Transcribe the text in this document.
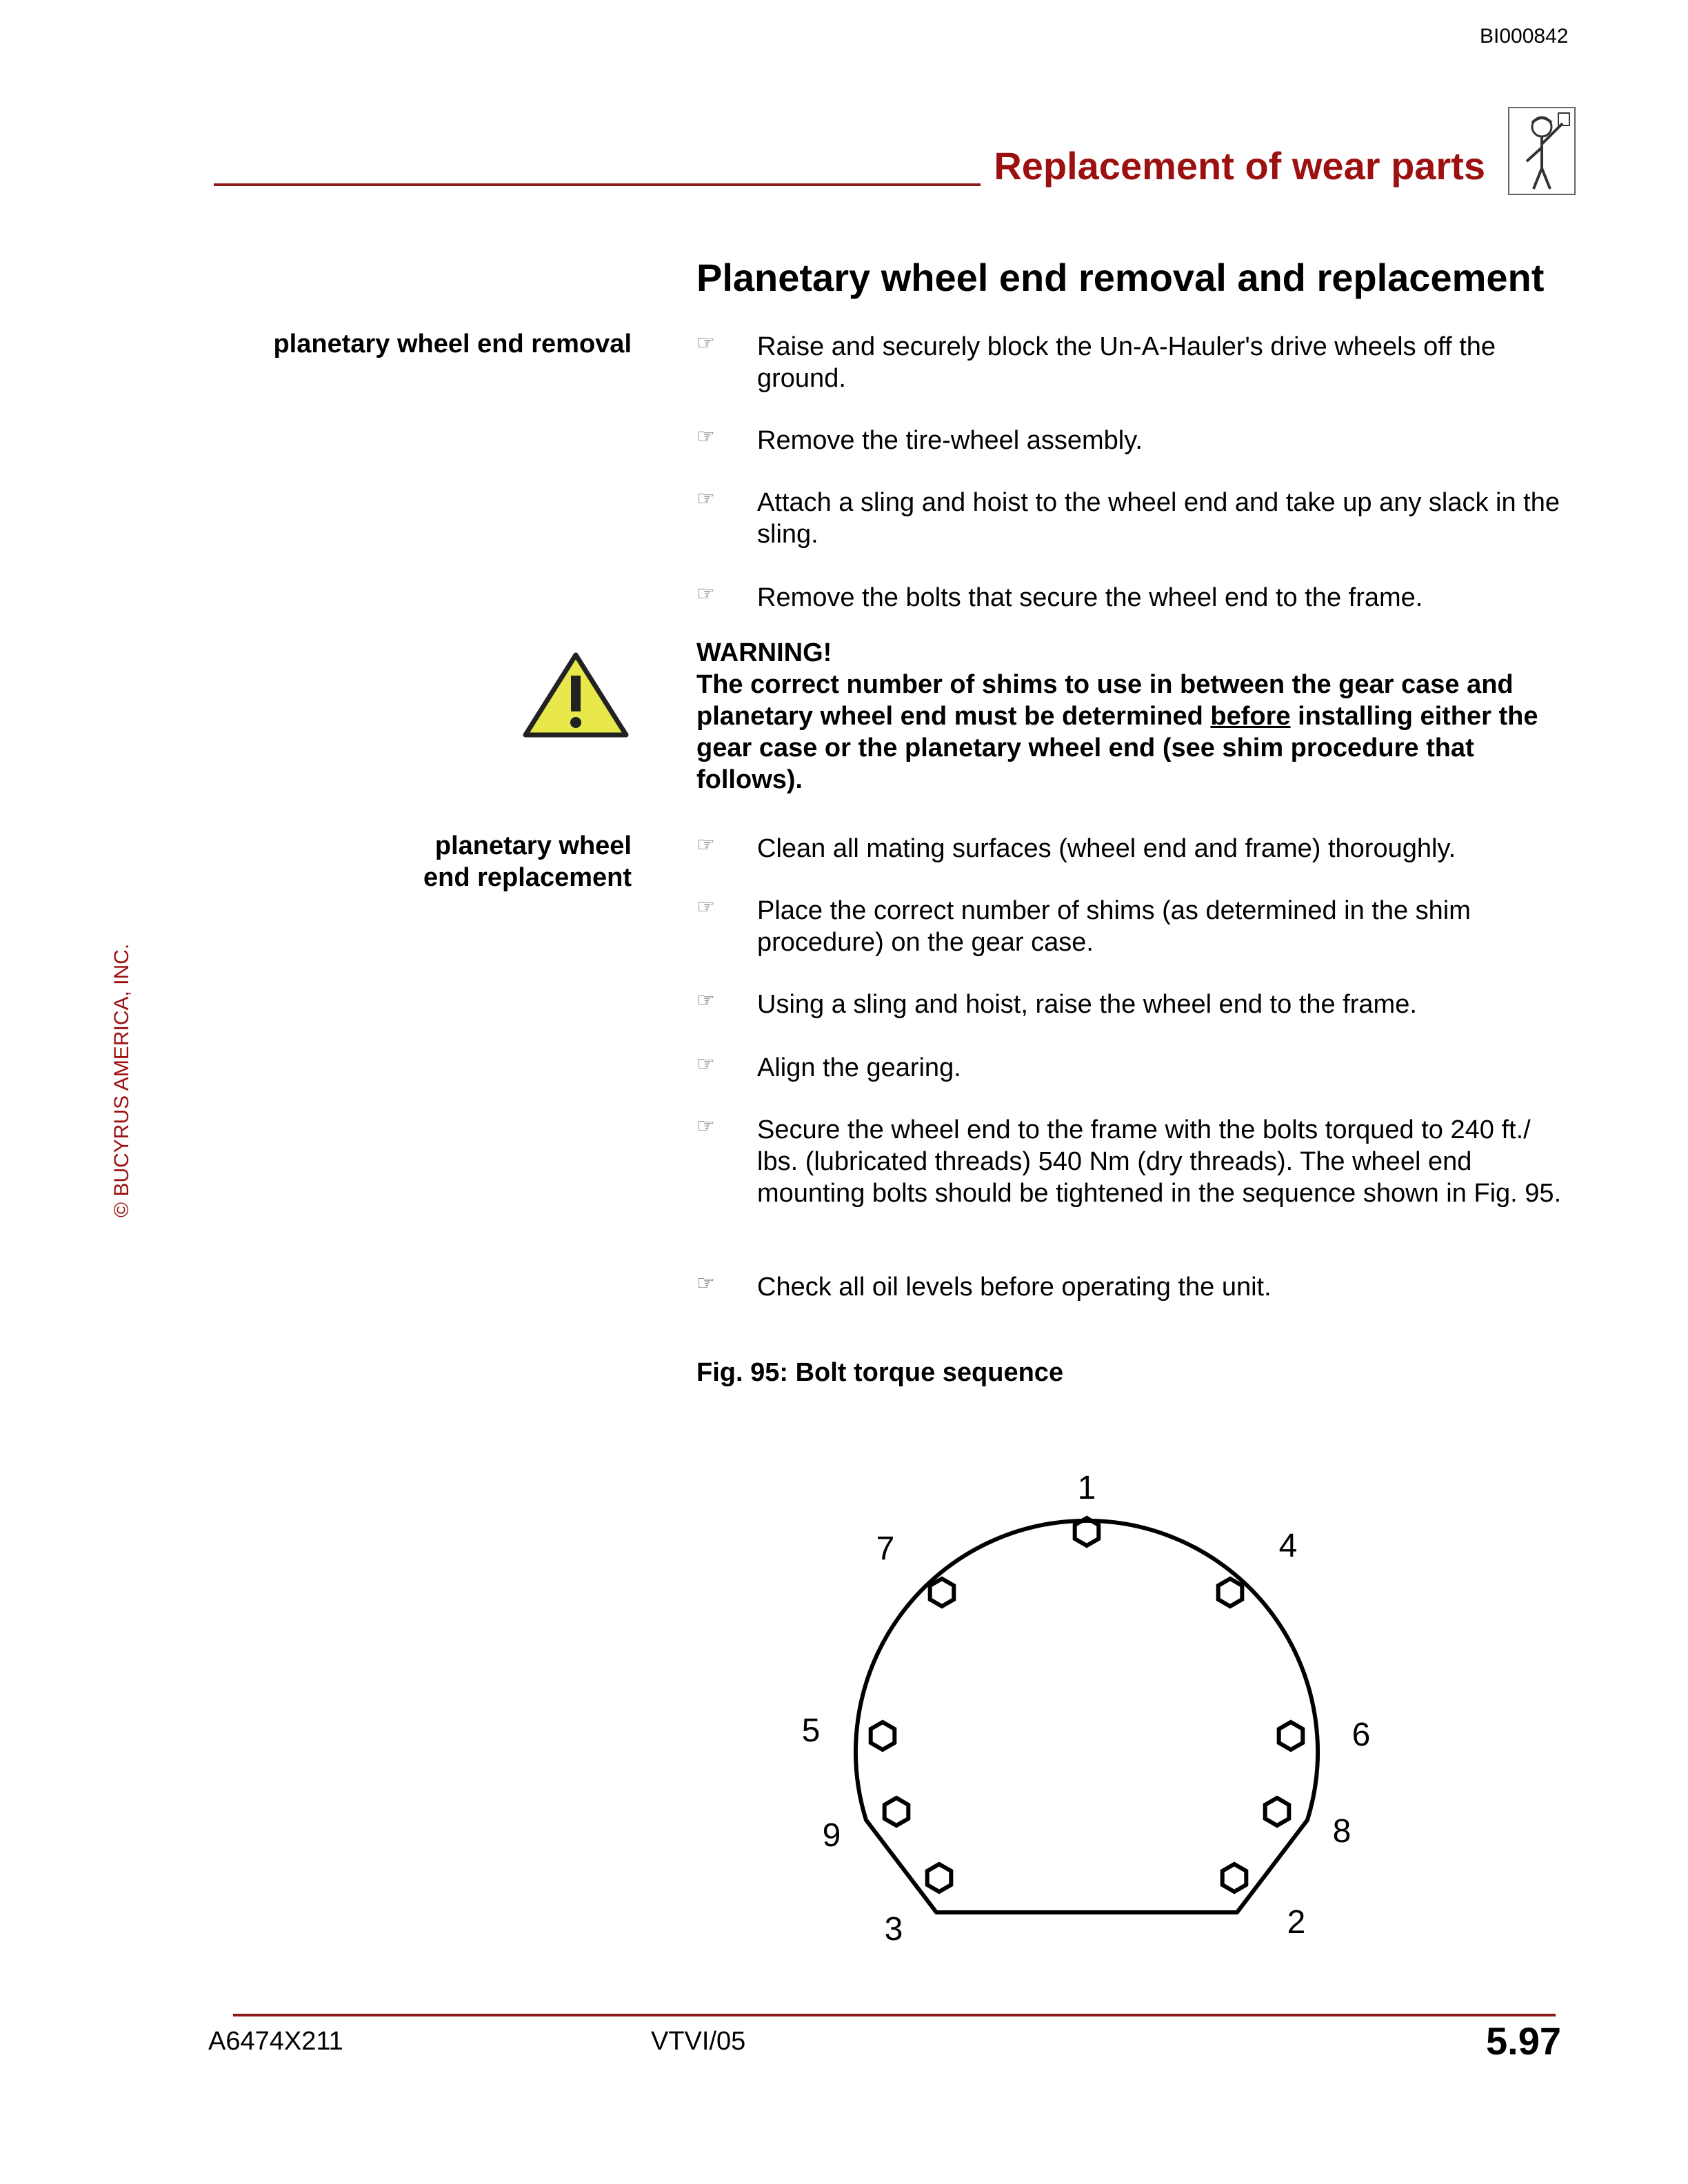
BI000842
Replacement of wear parts
© BUCYRUS AMERICA, INC.
Planetary wheel end removal and replacement
planetary wheel end removal	☞ Raise and securely block the Un-A-Hauler's drive wheels off the ground.
☞ Remove the tire-wheel assembly.
☞ Attach a sling and hoist to the wheel end and take up any slack in the sling.
☞ Remove the bolts that secure the wheel end to the frame.
WARNING!
The correct number of shims to use in between the gear case and planetary wheel end must be determined before installing either the gear case or the planetary wheel end (see shim procedure that follows).
planetary wheel
end replacement
☞ Clean all mating surfaces (wheel end and frame) thoroughly.
☞ Place the correct number of shims (as determined in the shim procedure) on the gear case.
☞ Using a sling and hoist, raise the wheel end to the frame.
☞ Align the gearing.
☞ Secure the wheel end to the frame with the bolts torqued to 240 ft./ lbs. (lubricated threads) 540 Nm (dry threads). The wheel end mounting bolts should be tightened in the sequence shown in Fig. 95.
☞ Check all oil levels before operating the unit.
Fig. 95: Bolt torque sequence
1
7	4
5	6
9	8
3	2
A6474X211	VTVI/05	5.97
